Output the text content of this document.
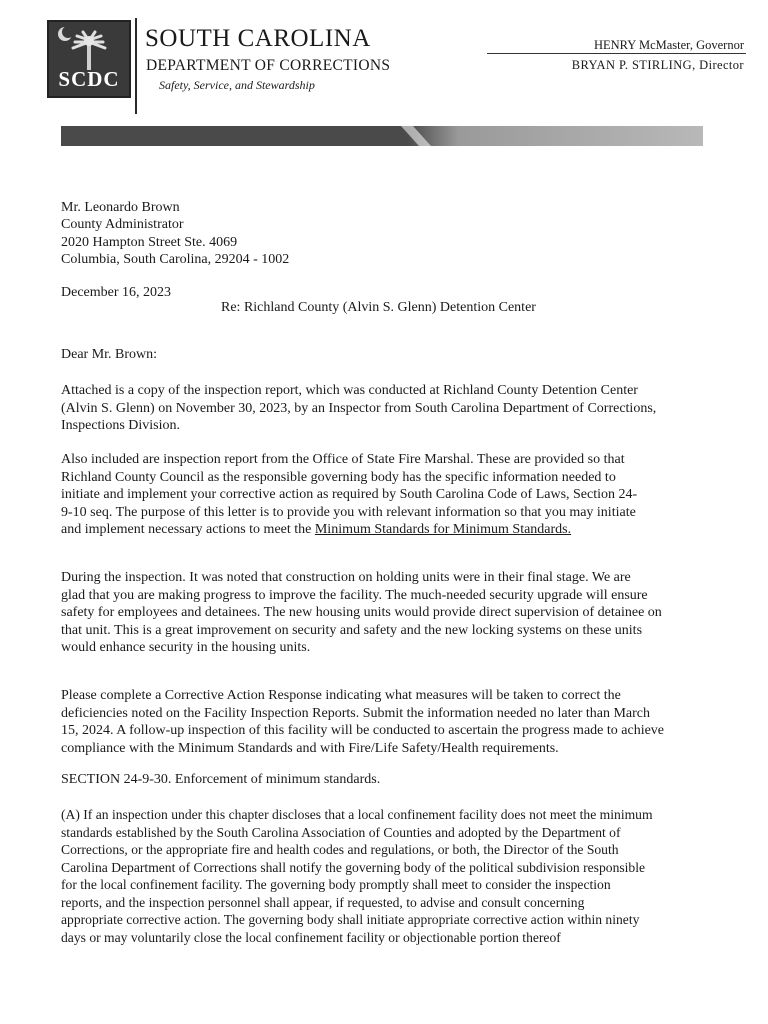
SCDC
SOUTH CAROLINA
DEPARTMENT OF CORRECTIONS
Safety, Service, and Stewardship
HENRY McMaster, Governor
BRYAN P. STIRLING, Director
Mr. Leonardo Brown
County Administrator
2020 Hampton Street Ste. 4069
Columbia, South Carolina, 29204 - 1002
December 16, 2023
Re: Richland County (Alvin S. Glenn) Detention Center
Dear Mr. Brown:
Attached is a copy of the inspection report, which was conducted at Richland County Detention Center
(Alvin S. Glenn) on November 30, 2023, by an Inspector from South Carolina Department of Corrections,
Inspections Division.
Also included are inspection report from the Office of State Fire Marshal. These are provided so that
Richland County Council as the responsible governing body has the specific information needed to
initiate and implement your corrective action as required by South Carolina Code of Laws, Section 24-
9-10 seq. The purpose of this letter is to provide you with relevant information so that you may initiate
and implement necessary actions to meet the Minimum Standards for Minimum Standards.
During the inspection. It was noted that construction on holding units were in their final stage. We are
glad that you are making progress to improve the facility. The much-needed security upgrade will ensure
safety for employees and detainees. The new housing units would provide direct supervision of detainee on
that unit. This is a great improvement on security and safety and the new locking systems on these units
would enhance security in the housing units.
Please complete a Corrective Action Response indicating what measures will be taken to correct the
deficiencies noted on the Facility Inspection Reports. Submit the information needed no later than March
15, 2024. A follow-up inspection of this facility will be conducted to ascertain the progress made to achieve
compliance with the Minimum Standards and with Fire/Life Safety/Health requirements.
SECTION 24-9-30. Enforcement of minimum standards.
(A) If an inspection under this chapter discloses that a local confinement facility does not meet the minimum
standards established by the South Carolina Association of Counties and adopted by the Department of
Corrections, or the appropriate fire and health codes and regulations, or both, the Director of the South
Carolina Department of Corrections shall notify the governing body of the political subdivision responsible
for the local confinement facility. The governing body promptly shall meet to consider the inspection
reports, and the inspection personnel shall appear, if requested, to advise and consult concerning
appropriate corrective action. The governing body shall initiate appropriate corrective action within ninety
days or may voluntarily close the local confinement facility or objectionable portion thereof
